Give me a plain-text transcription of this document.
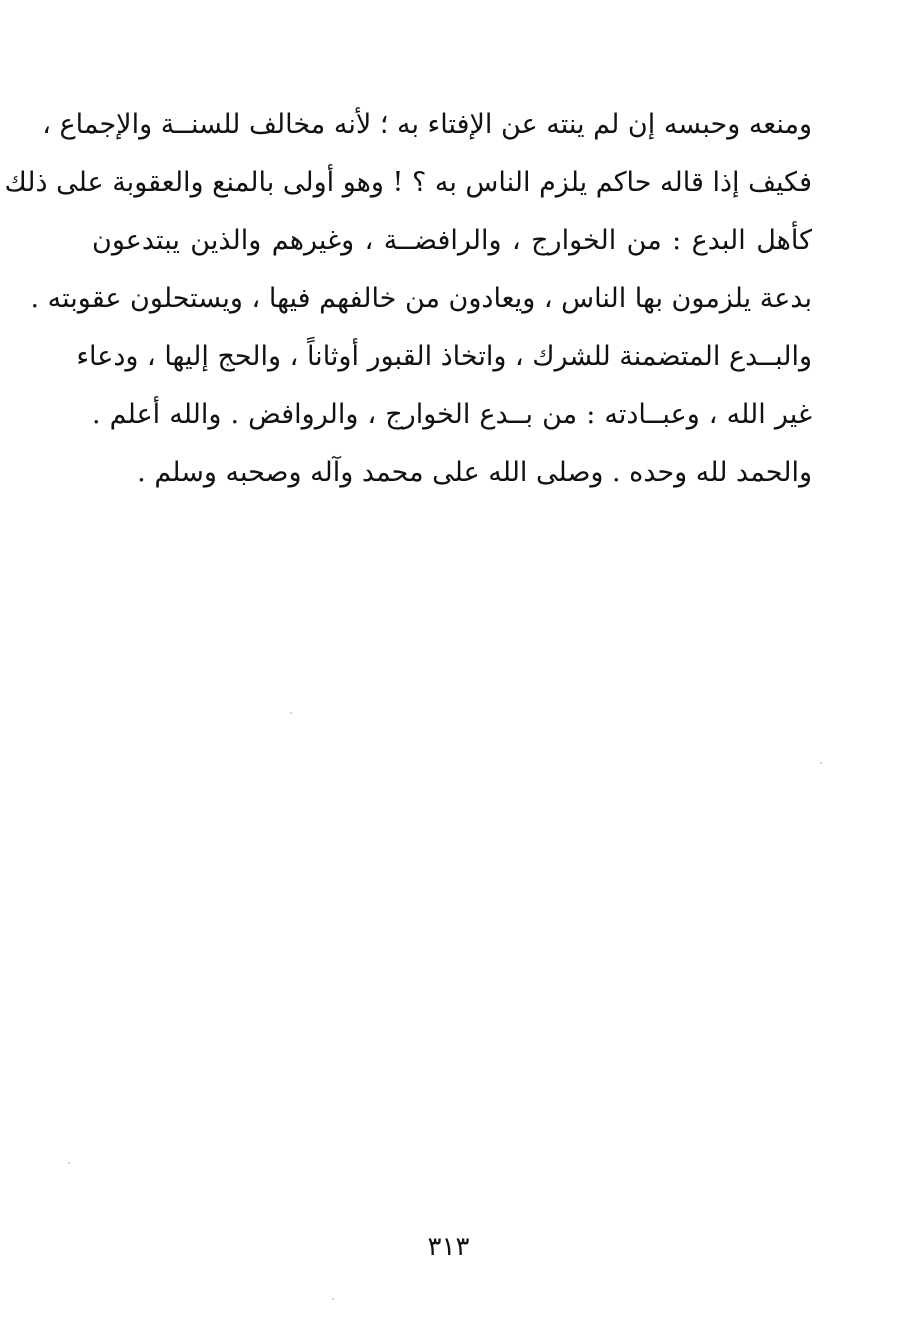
ومنعه وحبسه إن لم ينته عن الإفتاء به ؛ لأنه مخالف للسنــة والإجماع ،
فكيف إذا قاله حاكم يلزم الناس به ؟ ! وهو أولى بالمنع والعقوبة على ذلك
كأهل البدع : من الخوارج ، والرافضــة ، وغيرهم والذين يبتدعون
بدعة يلزمون بها الناس ، ويعادون من خالفهم فيها ، ويستحلون عقوبته .
والبــدع المتضمنة للشرك ، واتخاذ القبور أوثاناً ، والحج إليها ، ودعاء
غير الله ، وعبــادته : من بــدع الخوارج ، والروافض . والله أعلم .
والحمد لله وحده . وصلى الله على محمد وآله وصحبه وسلم .
٣١٣
